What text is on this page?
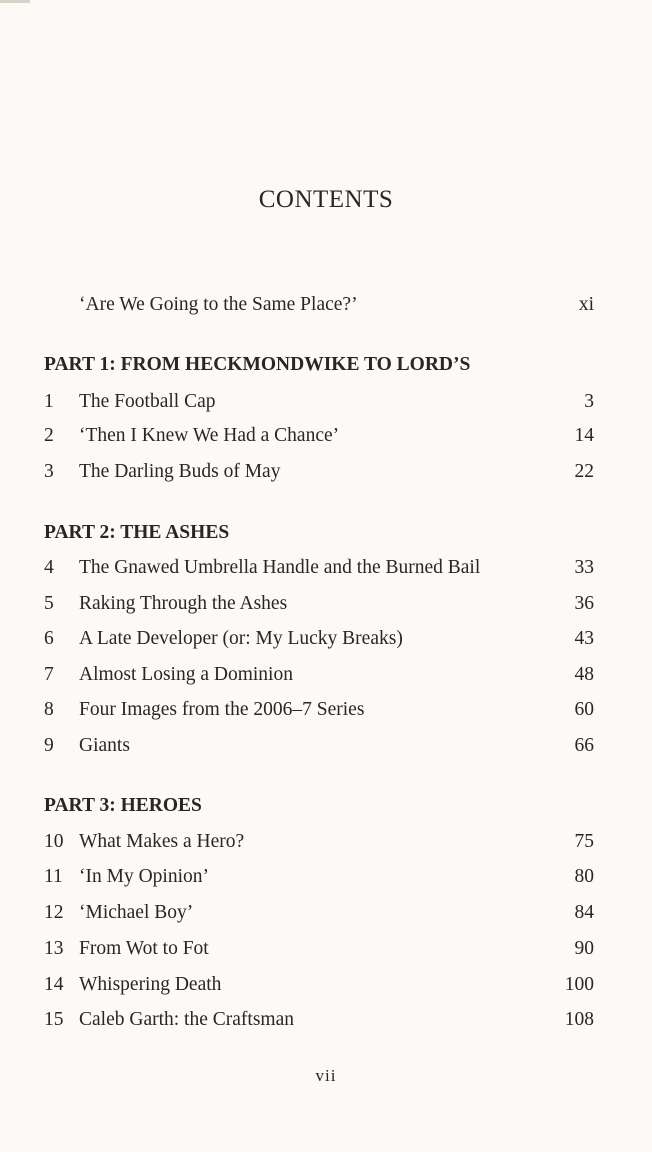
CONTENTS
‘Are We Going to the Same Place?’	xi
PART 1: FROM HECKMONDWIKE TO LORD’S
1 The Football Cap	3
2 ‘Then I Knew We Had a Chance’	14
3 The Darling Buds of May	22
PART 2: THE ASHES
4 The Gnawed Umbrella Handle and the Burned Bail	33
5 Raking Through the Ashes	36
6 A Late Developer (or: My Lucky Breaks)	43
7 Almost Losing a Dominion	48
8 Four Images from the 2006–7 Series	60
9 Giants	66
PART 3: HEROES
10 What Makes a Hero?	75
11 ‘In My Opinion’	80
12 ‘Michael Boy’	84
13 From Wot to Fot	90
14 Whispering Death	100
15 Caleb Garth: the Craftsman	108
vii
